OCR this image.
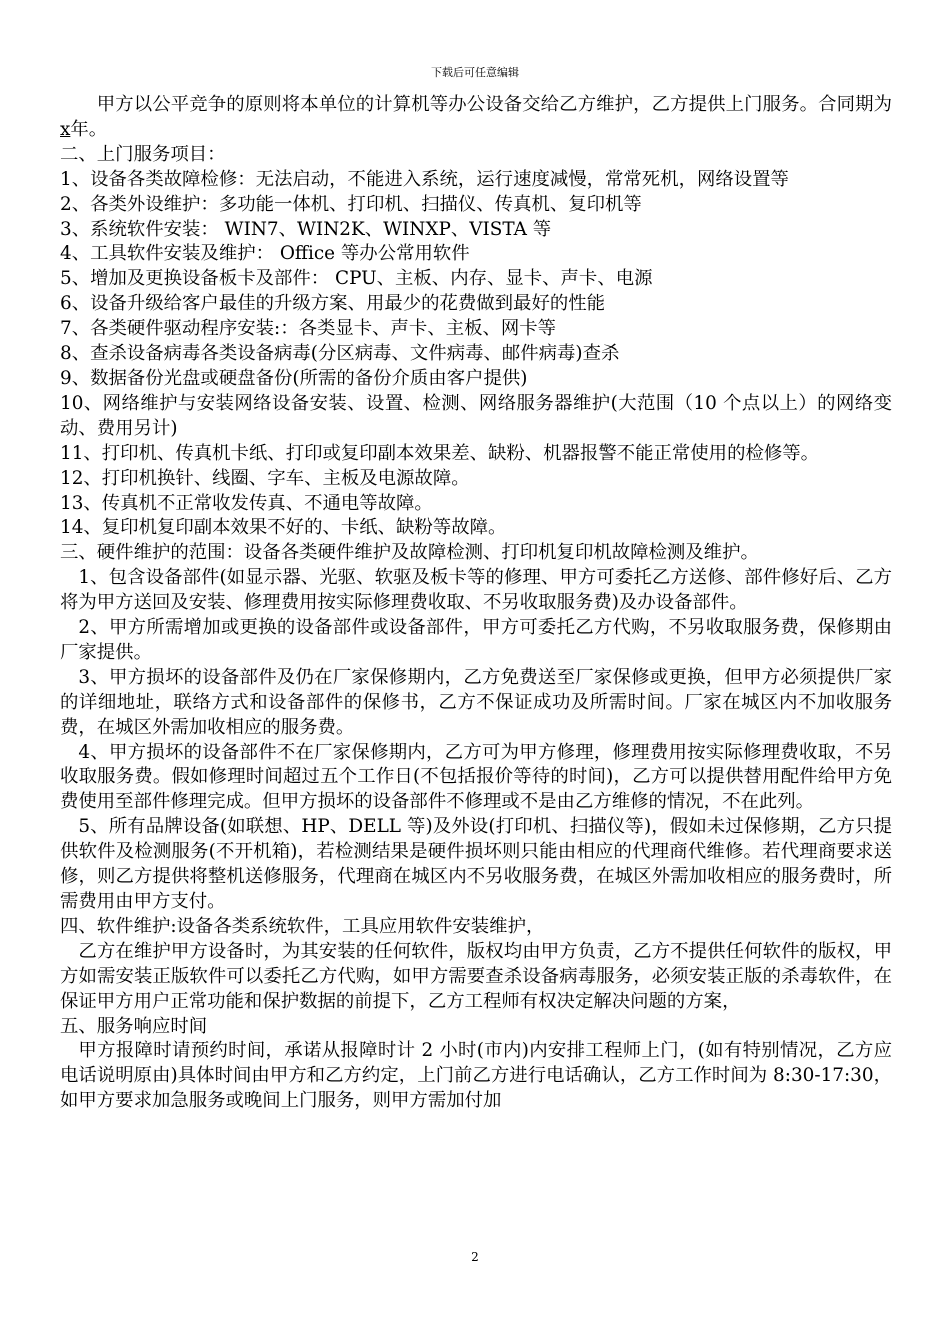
下载后可任意编辑

甲方以公平竞争的原则将本单位的计算机等办公设备交给乙方维护，乙方提供上门服务。合同期为x年。

二、上门服务项目：

1、设备各类故障检修：无法启动，不能进入系统，运行速度减慢，常常死机，网络设置等

2、各类外设维护：多功能一体机、打印机、扫描仪、传真机、复印机等

3、系统软件安装： WIN7、WIN2K、WINXP、VISTA 等

4、工具软件安装及维护： Office 等办公常用软件

5、增加及更换设备板卡及部件： CPU、主板、内存、显卡、声卡、电源

6、设备升级给客户最佳的升级方案、用最少的花费做到最好的性能

7、各类硬件驱动程序安装:：各类显卡、声卡、主板、网卡等

8、查杀设备病毒各类设备病毒(分区病毒、文件病毒、邮件病毒)查杀

9、数据备份光盘或硬盘备份(所需的备份介质由客户提供)

10、网络维护与安装网络设备安装、设置、检测、网络服务器维护(大范围（10 个点以上）的网络变动、费用另计)

11、打印机、传真机卡纸、打印或复印副本效果差、缺粉、机器报警不能正常使用的检修等。

12、打印机换针、线圈、字车、主板及电源故障。

13、传真机不正常收发传真、不通电等故障。

14、复印机复印副本效果不好的、卡纸、缺粉等故障。

三、硬件维护的范围：设备各类硬件维护及故障检测、打印机复印机故障检测及维护。

1、包含设备部件(如显示器、光驱、软驱及板卡等的修理、甲方可委托乙方送修、部件修好后、乙方将为甲方送回及安装、修理费用按实际修理费收取、不另收取服务费)及办设备部件。

2、甲方所需增加或更换的设备部件或设备部件，甲方可委托乙方代购，不另收取服务费，保修期由厂家提供。

3、甲方损坏的设备部件及仍在厂家保修期内，乙方免费送至厂家保修或更换，但甲方必须提供厂家的详细地址，联络方式和设备部件的保修书，乙方不保证成功及所需时间。厂家在城区内不加收服务费，在城区外需加收相应的服务费。

4、甲方损坏的设备部件不在厂家保修期内，乙方可为甲方修理，修理费用按实际修理费收取，不另收取服务费。假如修理时间超过五个工作日(不包括报价等待的时间)，乙方可以提供替用配件给甲方免费使用至部件修理完成。但甲方损坏的设备部件不修理或不是由乙方维修的情况，不在此列。

5、所有品牌设备(如联想、HP、DELL 等)及外设(打印机、扫描仪等)，假如未过保修期，乙方只提供软件及检测服务(不开机箱)，若检测结果是硬件损坏则只能由相应的代理商代维修。若代理商要求送修，则乙方提供将整机送修服务，代理商在城区内不另收服务费，在城区外需加收相应的服务费时，所需费用由甲方支付。

四、软件维护:设备各类系统软件，工具应用软件安装维护，

乙方在维护甲方设备时，为其安装的任何软件，版权均由甲方负责，乙方不提供任何软件的版权，甲方如需安装正版软件可以委托乙方代购，如甲方需要查杀设备病毒服务，必须安装正版的杀毒软件，在保证甲方用户正常功能和保护数据的前提下，乙方工程师有权决定解决问题的方案，

五、服务响应时间

甲方报障时请预约时间，承诺从报障时计 2 小时(市内)内安排工程师上门，(如有特别情况，乙方应电话说明原由)具体时间由甲方和乙方约定，上门前乙方进行电话确认，乙方工作时间为 8:30-17:30，如甲方要求加急服务或晚间上门服务，则甲方需加付加

2
